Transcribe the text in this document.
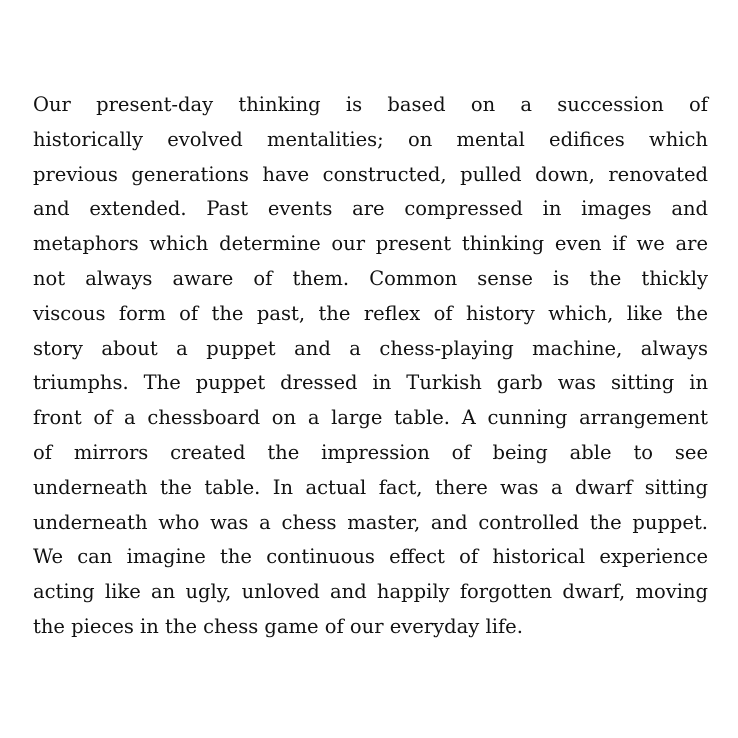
Our present-day thinking is based on a succession of
historically evolved mentalities; on mental edifices which
previous generations have constructed, pulled down, renovated
and extended. Past events are compressed in images and
metaphors which determine our present thinking even if we are
not always aware of them. Common sense is the thickly
viscous form of the past, the reflex of history which, like the
story about a puppet and a chess-playing machine, always
triumphs. The puppet dressed in Turkish garb was sitting in
front of a chessboard on a large table. A cunning arrangement
of mirrors created the impression of being able to see
underneath the table. In actual fact, there was a dwarf sitting
underneath who was a chess master, and controlled the puppet.
We can imagine the continuous effect of historical experience
acting like an ugly, unloved and happily forgotten dwarf, moving
the pieces in the chess game of our everyday life.
